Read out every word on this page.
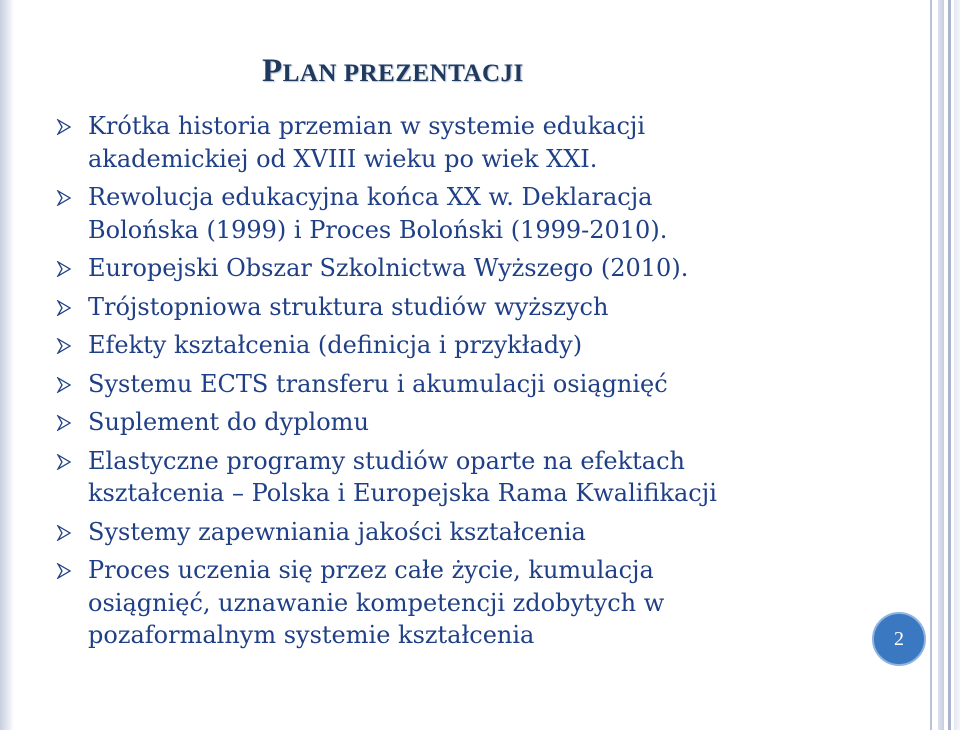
PLAN PREZENTACJI
Krótka historia przemian w systemie edukacji
akademickiej od XVIII wieku po wiek XXI.
Rewolucja edukacyjna końca XX w. Deklaracja
Bolońska (1999) i Proces Boloński (1999-2010).
Europejski Obszar Szkolnictwa Wyższego (2010).
Trójstopniowa struktura studiów wyższych
Efekty kształcenia (definicja i przykłady)
Systemu ECTS transferu i akumulacji osiągnięć
Suplement do dyplomu
Elastyczne programy studiów oparte na efektach
kształcenia – Polska i Europejska Rama Kwalifikacji
Systemy zapewniania jakości kształcenia
Proces uczenia się przez całe życie, kumulacja
osiągnięć, uznawanie kompetencji zdobytych w
pozaformalnym systemie kształcenia	2
